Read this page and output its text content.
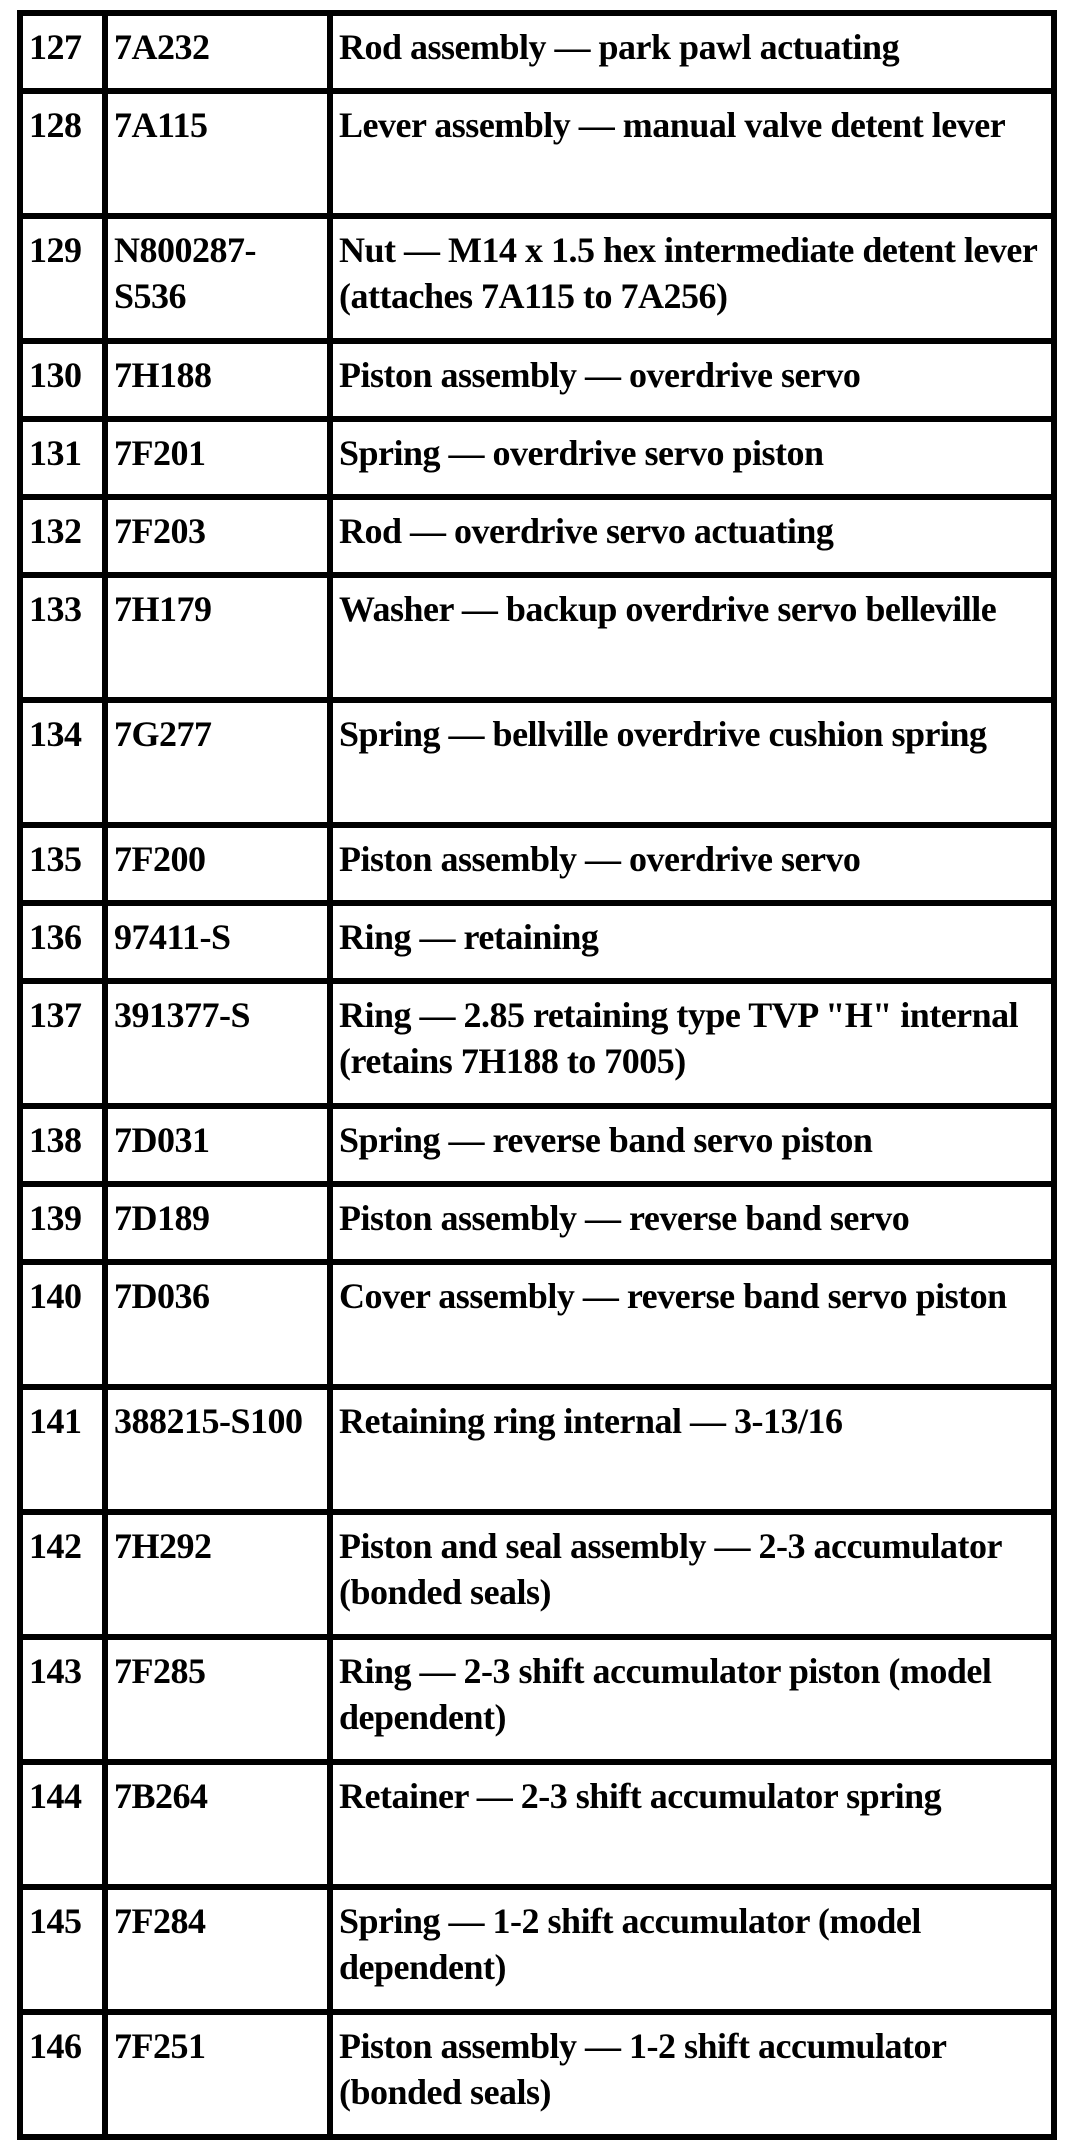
127	7A232	Rod assembly — park pawl actuating
128	7A115	Lever assembly — manual valve detent lever
129	N800287-S536	Nut — M14 x 1.5 hex intermediate detent lever (attaches 7A115 to 7A256)
130	7H188	Piston assembly — overdrive servo
131	7F201	Spring — overdrive servo piston
132	7F203	Rod — overdrive servo actuating
133	7H179	Washer — backup overdrive servo belleville
134	7G277	Spring — bellville overdrive cushion spring
135	7F200	Piston assembly — overdrive servo
136	97411-S	Ring — retaining
137	391377-S	Ring — 2.85 retaining type TVP "H" internal (retains 7H188 to 7005)
138	7D031	Spring — reverse band servo piston
139	7D189	Piston assembly — reverse band servo
140	7D036	Cover assembly — reverse band servo piston
141	388215-S100	Retaining ring internal — 3-13/16
142	7H292	Piston and seal assembly — 2-3 accumulator (bonded seals)
143	7F285	Ring — 2-3 shift accumulator piston (model dependent)
144	7B264	Retainer — 2-3 shift accumulator spring
145	7F284	Spring — 1-2 shift accumulator (model dependent)
146	7F251	Piston assembly — 1-2 shift accumulator (bonded seals)
